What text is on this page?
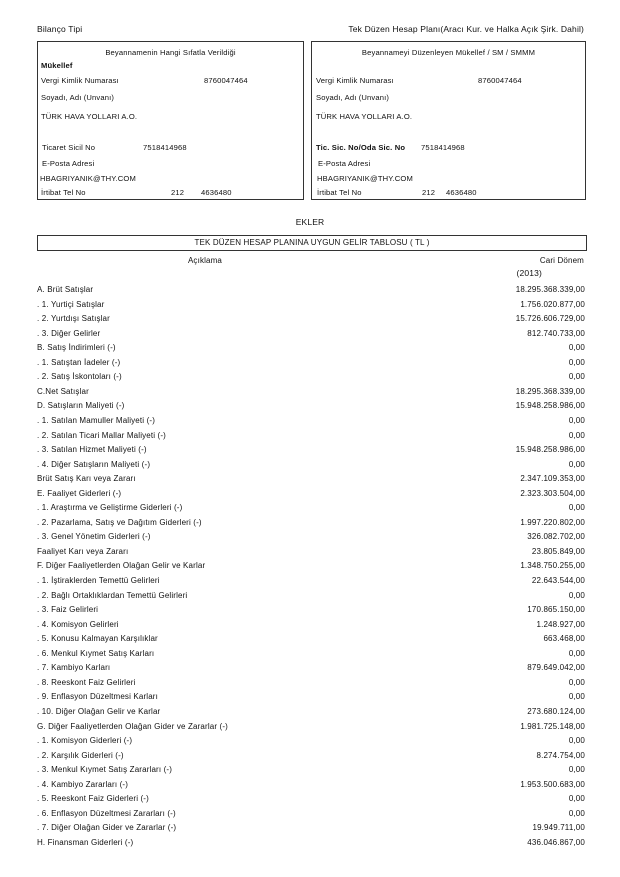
Bilanço Tipi	Tek Düzen Hesap Planı(Aracı Kur. ve Halka Açık Şirk. Dahil)
Beyannamenin Hangi Sıfatla Verildiği
Mükellef
Vergi Kimlik Numarası	8760047464
Soyadı, Adı (Unvanı)
TÜRK HAVA YOLLARI A.O.
Ticaret Sicil No	7518414968
E-Posta Adresi
HBAGRIYANIK@THY.COM
İrtibat Tel No	212 4636480
Beyannameyi Düzenleyen Mükellef / SM / SMMM
Vergi Kimlik Numarası	8760047464
Soyadı, Adı (Unvanı)
TÜRK HAVA YOLLARI A.O.
Tic. Sic. No/Oda Sic. No 7518414968
E-Posta Adresi
HBAGRIYANIK@THY.COM
İrtibat Tel No	212 4636480
EKLER
TEK DÜZEN HESAP PLANINA UYGUN GELİR TABLOSU ( TL )
Açıklama	Cari Dönem
(2013)
A. Brüt Satışlar	18.295.368.339,00
. 1. Yurtiçi Satışlar	1.756.020.877,00
. 2. Yurtdışı Satışlar	15.726.606.729,00
. 3. Diğer Gelirler	812.740.733,00
B. Satış İndirimleri (-)	0,00
. 1. Satıştan İadeler (-)	0,00
. 2. Satış İskontoları (-)	0,00
C.Net Satışlar	18.295.368.339,00
D. Satışların Maliyeti (-)	15.948.258.986,00
. 1. Satılan Mamuller Maliyeti (-)	0,00
. 2. Satılan Ticari Mallar Maliyeti (-)	0,00
. 3. Satılan Hizmet Maliyeti (-)	15.948.258.986,00
. 4. Diğer Satışların Maliyeti (-)	0,00
Brüt Satış Karı veya Zararı	2.347.109.353,00
E. Faaliyet Giderleri (-)	2.323.303.504,00
. 1. Araştırma ve Geliştirme Giderleri (-)	0,00
. 2. Pazarlama, Satış ve Dağıtım Giderleri (-)	1.997.220.802,00
. 3. Genel Yönetim Giderleri (-)	326.082.702,00
Faaliyet Karı veya Zararı	23.805.849,00
F. Diğer Faaliyetlerden Olağan Gelir ve Karlar	1.348.750.255,00
. 1. İştiraklerden Temettü Gelirleri	22.643.544,00
. 2. Bağlı Ortaklıklardan Temettü Gelirleri	0,00
. 3. Faiz Gelirleri	170.865.150,00
. 4. Komisyon Gelirleri	1.248.927,00
. 5. Konusu Kalmayan Karşılıklar	663.468,00
. 6. Menkul Kıymet Satış Karları	0,00
. 7. Kambiyo Karları	879.649.042,00
. 8. Reeskont Faiz Gelirleri	0,00
. 9. Enflasyon Düzeltmesi Karları	0,00
. 10. Diğer Olağan Gelir ve Karlar	273.680.124,00
G. Diğer Faaliyetlerden Olağan Gider ve Zararlar (-)	1.981.725.148,00
. 1. Komisyon Giderleri (-)	0,00
. 2. Karşılık Giderleri (-)	8.274.754,00
. 3. Menkul Kıymet Satış Zararları (-)	0,00
. 4. Kambiyo Zararları (-)	1.953.500.683,00
. 5. Reeskont Faiz Giderleri (-)	0,00
. 6. Enflasyon Düzeltmesi Zararları (-)	0,00
. 7. Diğer Olağan Gider ve Zararlar (-)	19.949.711,00
H. Finansman Giderleri (-)	436.046.867,00
